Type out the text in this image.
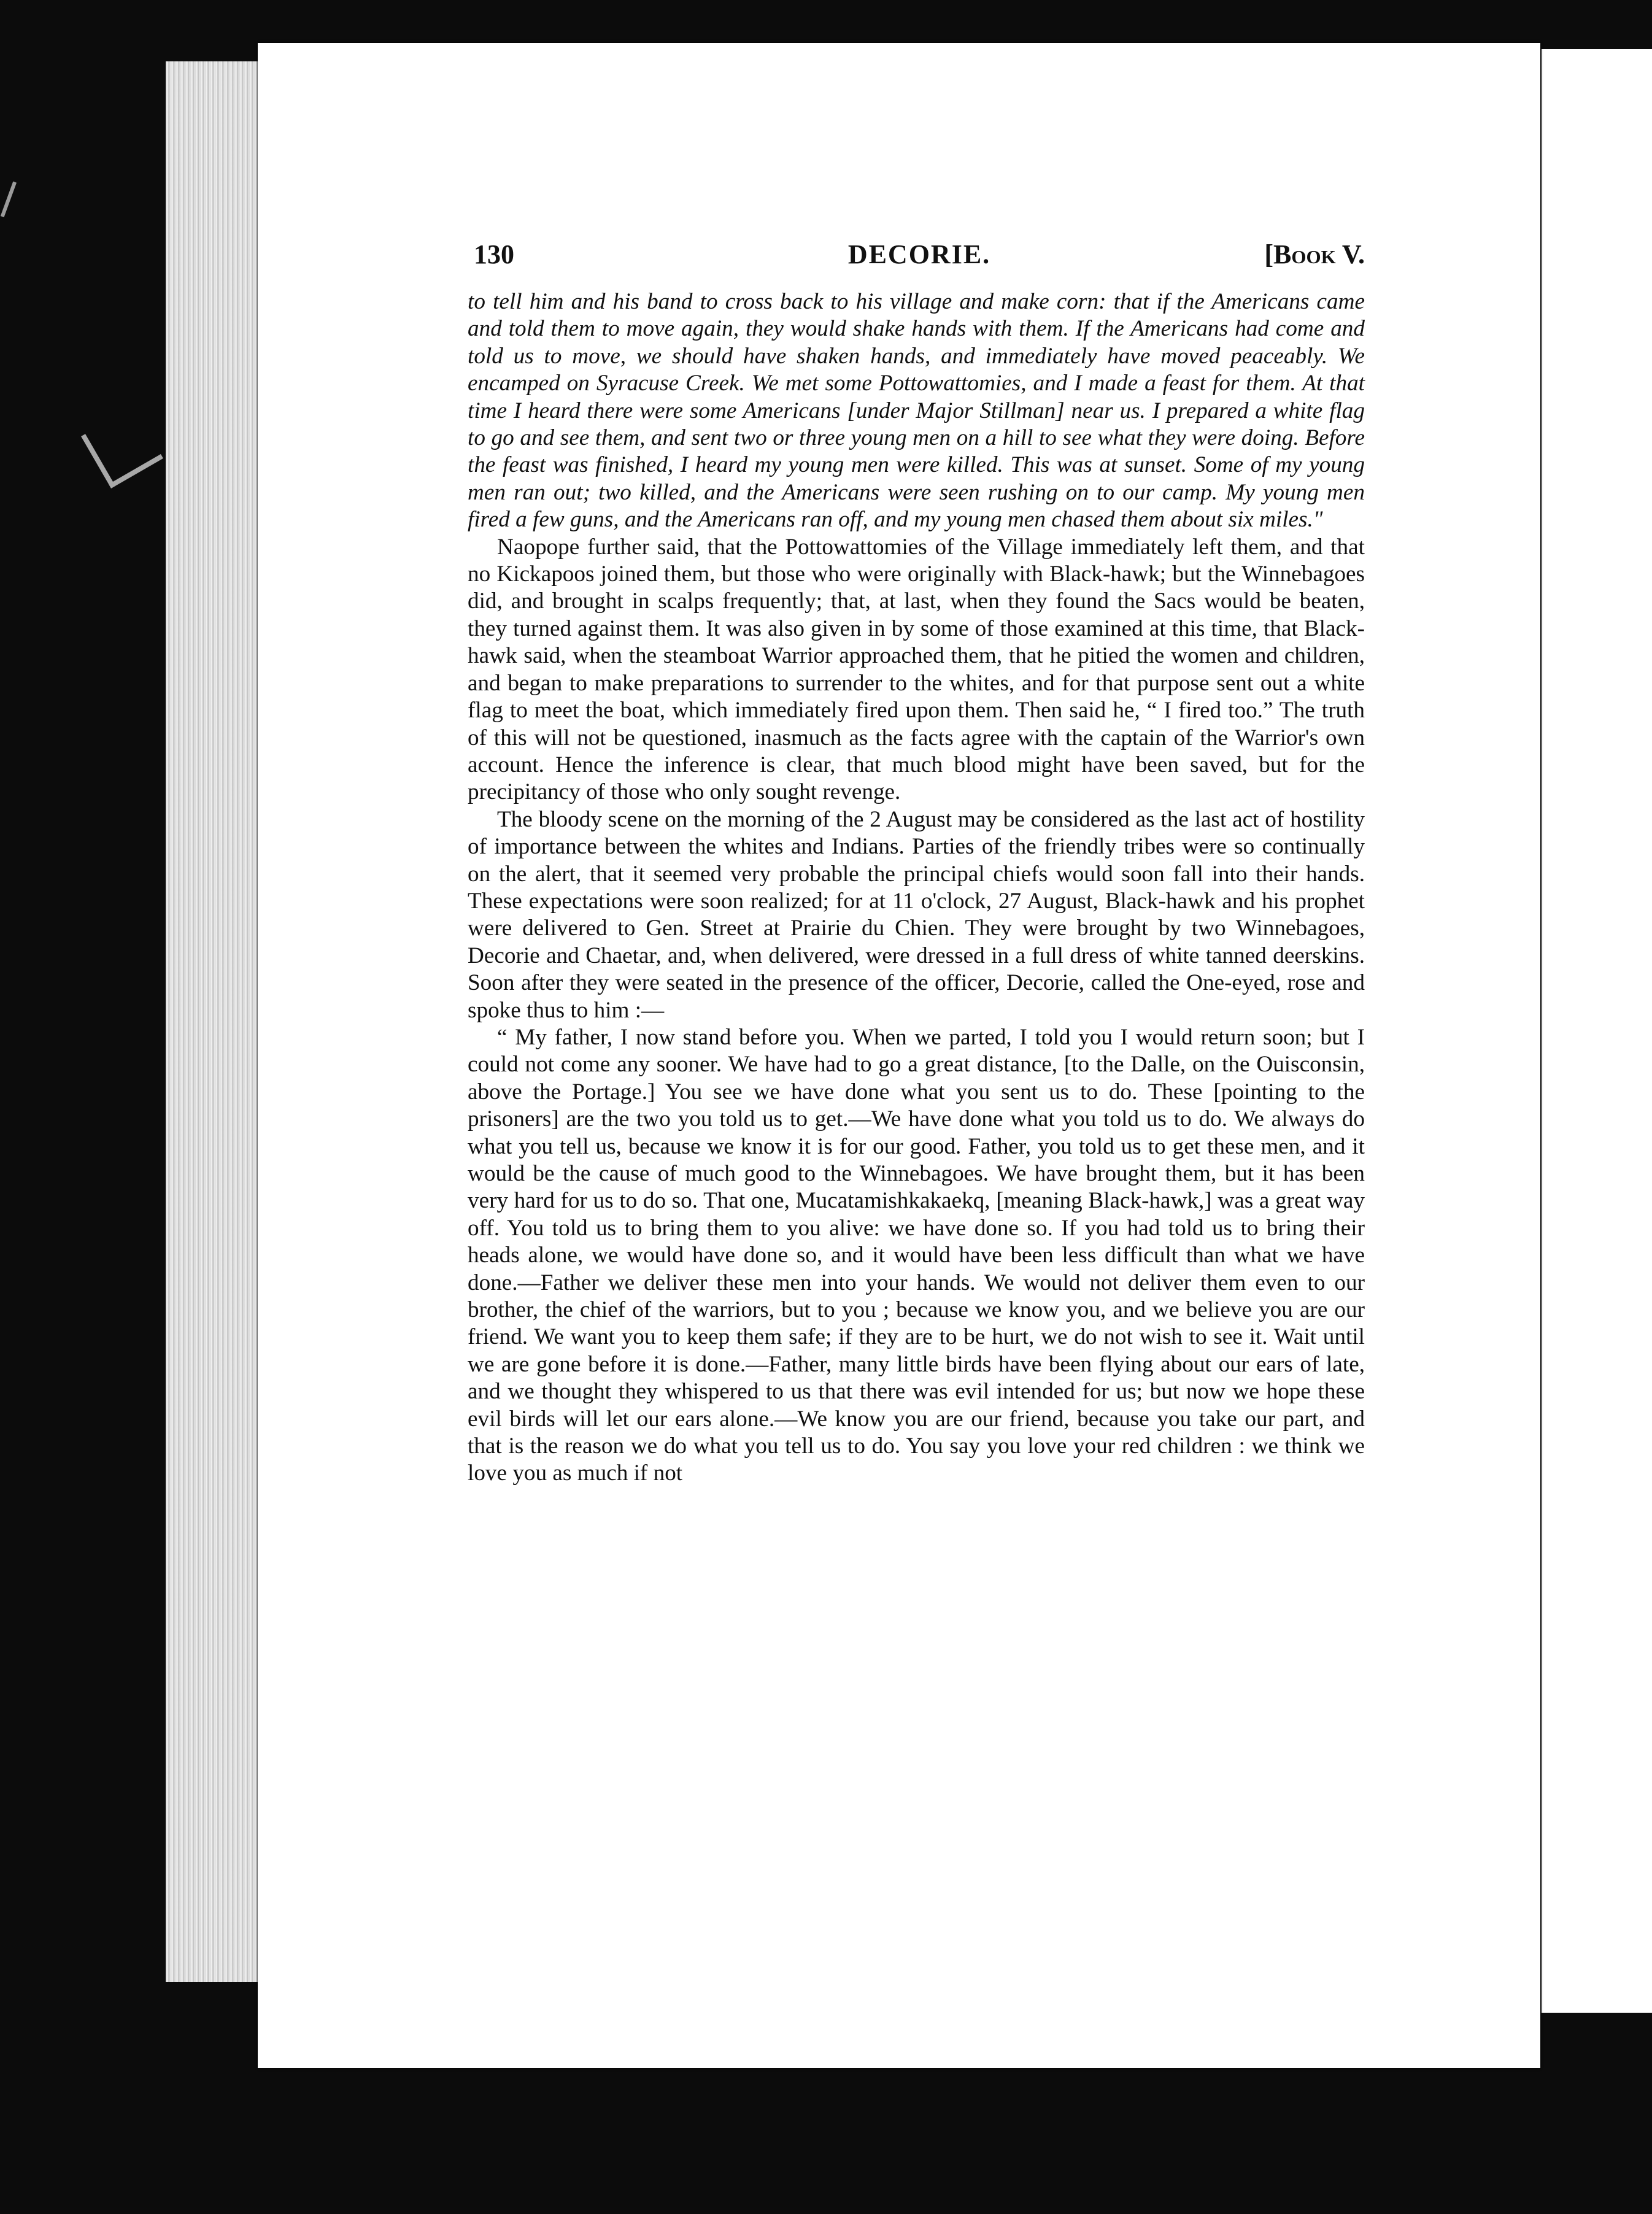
130	DECORIE.	[Book V.

to tell him and his band to cross back to his village and make corn: that if the Americans came and told them to move again, they would shake hands with them. If the Americans had come and told us to move, we should have shaken hands, and immediately have moved peaceably. We encamped on Syracuse Creek. We met some Pottowattomies, and I made a feast for them. At that time I heard there were some Americans [under Major Stillman] near us. I prepared a white flag to go and see them, and sent two or three young men on a hill to see what they were doing. Before the feast was finished, I heard my young men were killed. This was at sunset. Some of my young men ran out; two killed, and the Americans were seen rushing on to our camp. My young men fired a few guns, and the Americans ran off, and my young men chased them about six miles."

Naopope further said, that the Pottowattomies of the Village immediately left them, and that no Kickapoos joined them, but those who were originally with Black-hawk; but the Winnebagoes did, and brought in scalps frequently; that, at last, when they found the Sacs would be beaten, they turned against them. It was also given in by some of those examined at this time, that Black-hawk said, when the steamboat Warrior approached them, that he pitied the women and children, and began to make preparations to surrender to the whites, and for that purpose sent out a white flag to meet the boat, which immediately fired upon them. Then said he, “ I fired too.” The truth of this will not be questioned, inasmuch as the facts agree with the captain of the Warrior's own account. Hence the inference is clear, that much blood might have been saved, but for the precipitancy of those who only sought revenge.

The bloody scene on the morning of the 2 August may be considered as the last act of hostility of importance between the whites and Indians. Parties of the friendly tribes were so continually on the alert, that it seemed very probable the principal chiefs would soon fall into their hands. These expectations were soon realized; for at 11 o'clock, 27 August, Black-hawk and his prophet were delivered to Gen. Street at Prairie du Chien. They were brought by two Winnebagoes, Decorie and Chaetar, and, when delivered, were dressed in a full dress of white tanned deerskins. Soon after they were seated in the presence of the officer, Decorie, called the One-eyed, rose and spoke thus to him :—

“ My father, I now stand before you. When we parted, I told you I would return soon; but I could not come any sooner. We have had to go a great distance, [to the Dalle, on the Ouisconsin, above the Portage.] You see we have done what you sent us to do. These [pointing to the prisoners] are the two you told us to get.—We have done what you told us to do. We always do what you tell us, because we know it is for our good. Father, you told us to get these men, and it would be the cause of much good to the Winnebagoes. We have brought them, but it has been very hard for us to do so. That one, Mucatamishkakaekq, [meaning Black-hawk,] was a great way off. You told us to bring them to you alive: we have done so. If you had told us to bring their heads alone, we would have done so, and it would have been less difficult than what we have done.—Father we deliver these men into your hands. We would not deliver them even to our brother, the chief of the warriors, but to you ; because we know you, and we believe you are our friend. We want you to keep them safe; if they are to be hurt, we do not wish to see it. Wait until we are gone before it is done.—Father, many little birds have been flying about our ears of late, and we thought they whispered to us that there was evil intended for us; but now we hope these evil birds will let our ears alone.—We know you are our friend, because you take our part, and that is the reason we do what you tell us to do. You say you love your red children : we think we love you as much if not
